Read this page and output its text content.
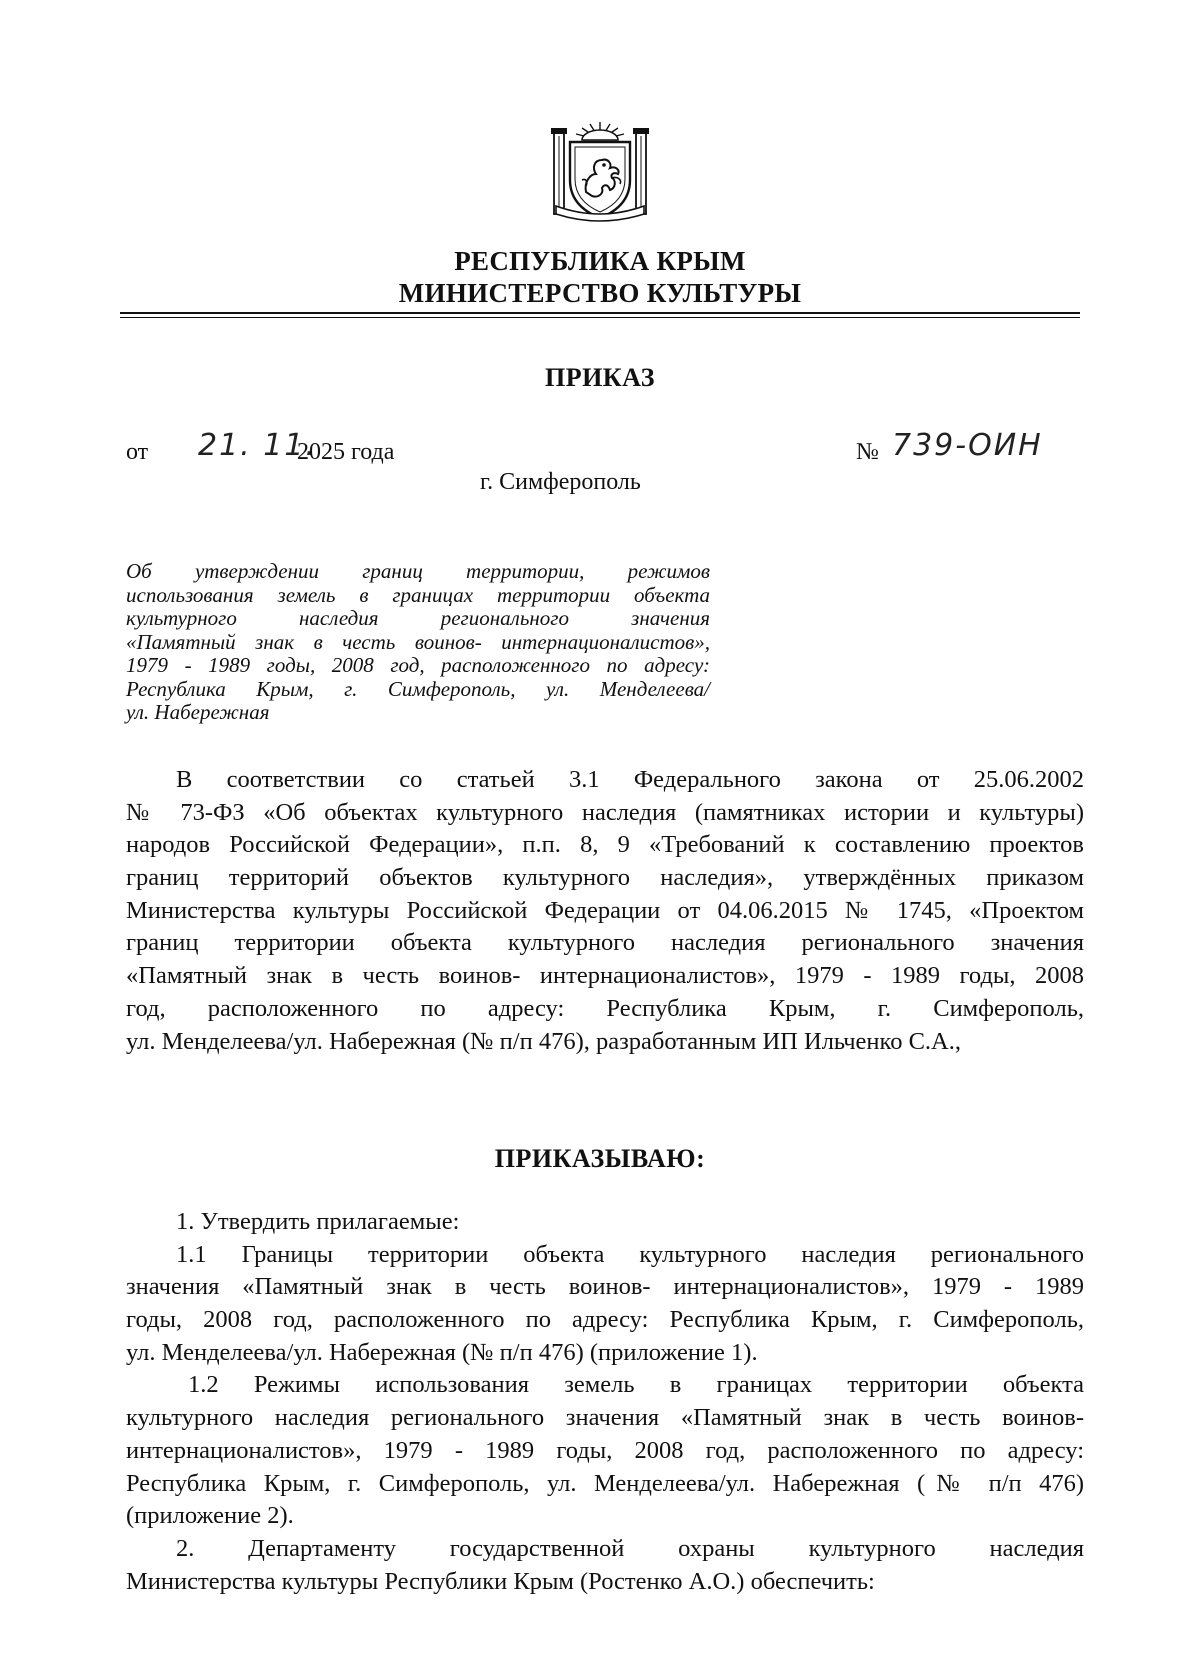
РЕСПУБЛИКА КРЫМ
МИНИСТЕРСТВО КУЛЬТУРЫ
ПРИКАЗ
от 21. 11.
2025 года	№ 739-ОИН
г. Симферополь
Об утверждении границ территории, режимов
использования земель в границах территории объекта
культурного наследия регионального значения
«Памятный знак в честь воинов- интернационалистов»,
1979 - 1989 годы, 2008 год, расположенного по адресу:
Республика Крым, г. Симферополь, ул. Менделеева/
ул. Набережная
В соответствии со статьей 3.1 Федерального закона от 25.06.2002
№ 73-ФЗ «Об объектах культурного наследия (памятниках истории и культуры)
народов Российской Федерации», п.п. 8, 9 «Требований к составлению проектов
границ территорий объектов культурного наследия», утверждённых приказом
Министерства культуры Российской Федерации от 04.06.2015 № 1745, «Проектом
границ территории объекта культурного наследия регионального значения
«Памятный знак в честь воинов- интернационалистов», 1979 - 1989 годы, 2008
год, расположенного по адресу: Республика Крым, г. Симферополь,
ул. Менделеева/ул. Набережная (№ п/п 476), разработанным ИП Ильченко С.А.,
ПРИКАЗЫВАЮ:
1. Утвердить прилагаемые:
1.1 Границы территории объекта культурного наследия регионального
значения «Памятный знак в честь воинов- интернационалистов», 1979 - 1989
годы, 2008 год, расположенного по адресу: Республика Крым, г. Симферополь,
ул. Менделеева/ул. Набережная (№ п/п 476) (приложение 1).
1.2 Режимы использования земель в границах территории объекта
культурного наследия регионального значения «Памятный знак в честь воинов-
интернационалистов», 1979 - 1989 годы, 2008 год, расположенного по адресу:
Республика Крым, г. Симферополь, ул. Менделеева/ул. Набережная (№ п/п 476)
(приложение 2).
2. Департаменту государственной охраны культурного наследия
Министерства культуры Республики Крым (Ростенко А.О.) обеспечить:
